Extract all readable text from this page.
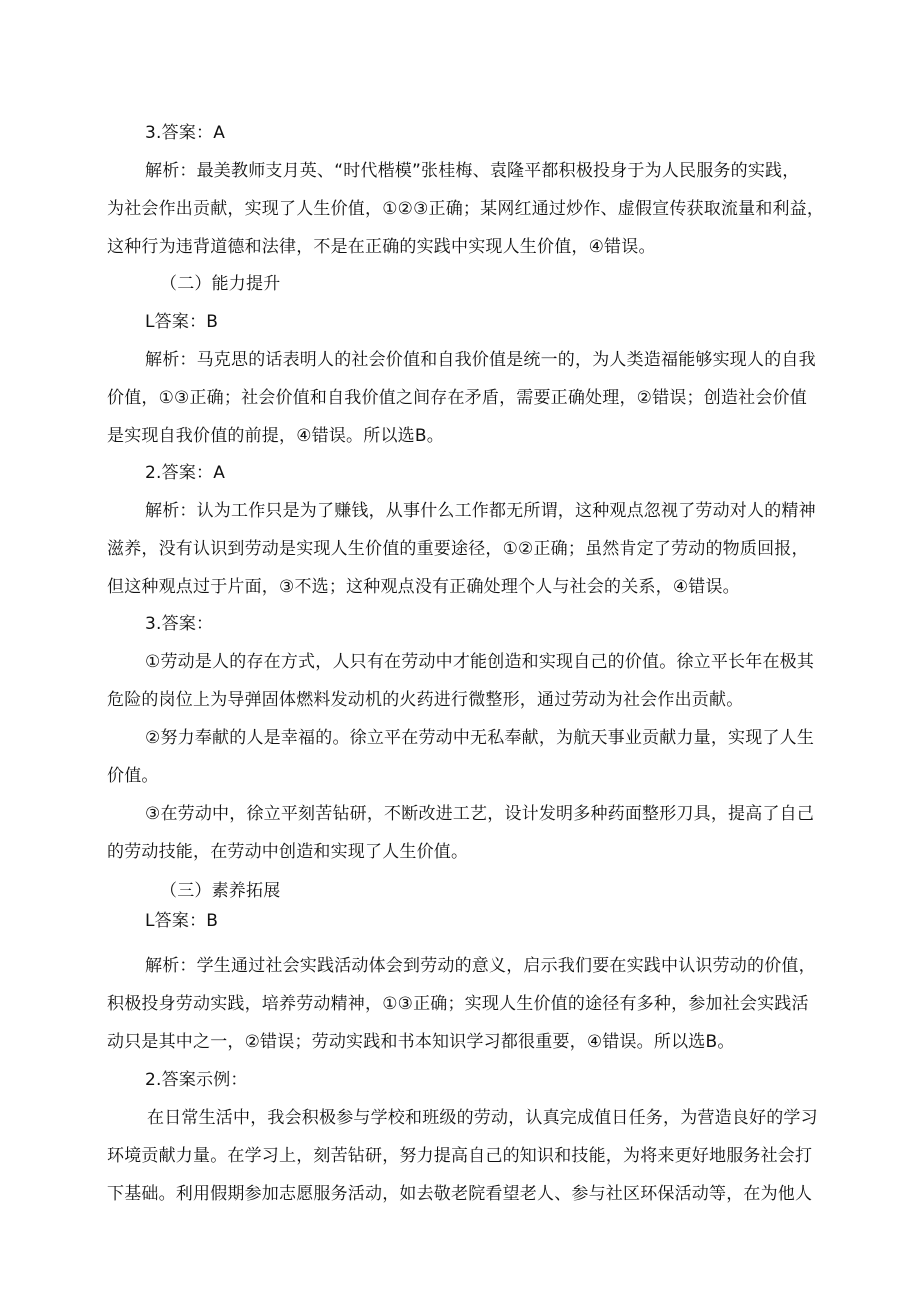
3.答案：A
解析：最美教师支月英、“时代楷模”张桂梅、袁隆平都积极投身于为人民服务的实践，
为社会作出贡献，实现了人生价值，①②③正确；某网红通过炒作、虚假宣传获取流量和利益，
这种行为违背道德和法律，不是在正确的实践中实现人生价值，④错误。
（二）能力提升
L答案：B
解析：马克思的话表明人的社会价值和自我价值是统一的，为人类造福能够实现人的自我
价值，①③正确；社会价值和自我价值之间存在矛盾，需要正确处理，②错误；创造社会价值
是实现自我价值的前提，④错误。所以选B。
2.答案：A
解析：认为工作只是为了赚钱，从事什么工作都无所谓，这种观点忽视了劳动对人的精神
滋养，没有认识到劳动是实现人生价值的重要途径，①②正确；虽然肯定了劳动的物质回报，
但这种观点过于片面，③不选；这种观点没有正确处理个人与社会的关系，④错误。
3.答案：
①劳动是人的存在方式，人只有在劳动中才能创造和实现自己的价值。徐立平长年在极其
危险的岗位上为导弹固体燃料发动机的火药进行微整形，通过劳动为社会作出贡献。
②努力奉献的人是幸福的。徐立平在劳动中无私奉献，为航天事业贡献力量，实现了人生
价值。
③在劳动中，徐立平刻苦钻研，不断改进工艺，设计发明多种药面整形刀具，提高了自己
的劳动技能，在劳动中创造和实现了人生价值。
（三）素养拓展
L答案：B
解析：学生通过社会实践活动体会到劳动的意义，启示我们要在实践中认识劳动的价值，
积极投身劳动实践，培养劳动精神，①③正确；实现人生价值的途径有多种，参加社会实践活
动只是其中之一，②错误；劳动实践和书本知识学习都很重要，④错误。所以选B。
2.答案示例：
在日常生活中，我会积极参与学校和班级的劳动，认真完成值日任务，为营造良好的学习
环境贡献力量。在学习上，刻苦钻研，努力提高自己的知识和技能，为将来更好地服务社会打
下基础。利用假期参加志愿服务活动，如去敬老院看望老人、参与社区环保活动等，在为他人
